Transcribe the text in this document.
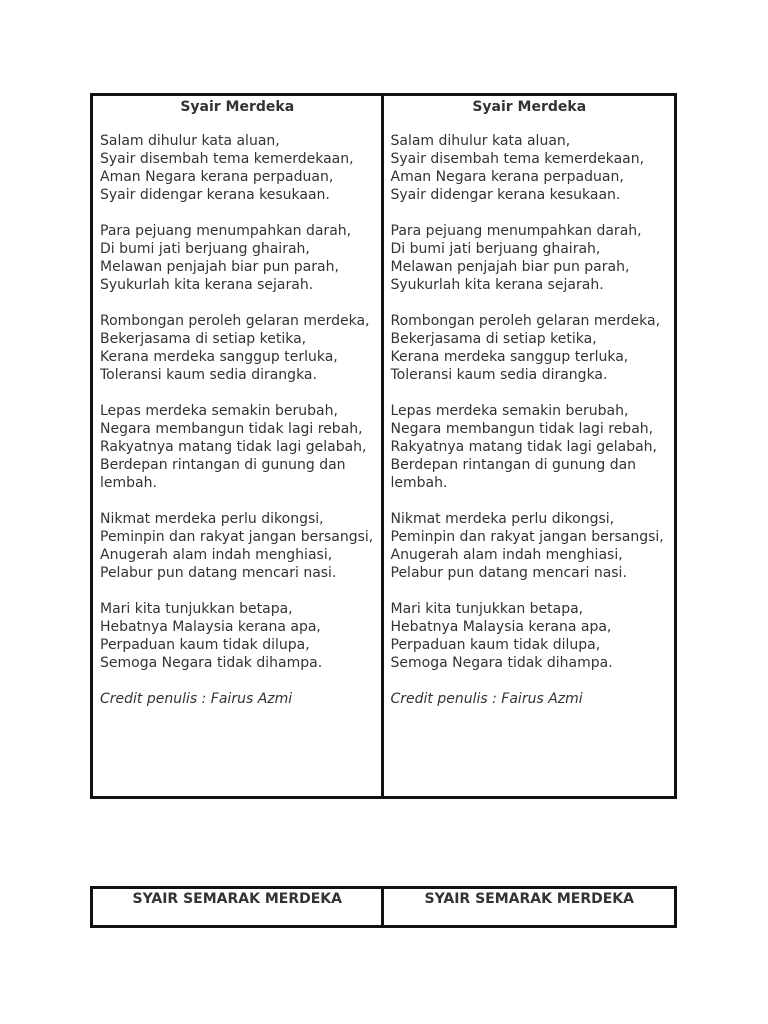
Syair Merdeka
Salam dihulur kata aluan,
Syair disembah tema kemerdekaan,
Aman Negara kerana perpaduan,
Syair didengar kerana kesukaan.
Para pejuang menumpahkan darah,
Di bumi jati berjuang ghairah,
Melawan penjajah biar pun parah,
Syukurlah kita kerana sejarah.
Rombongan peroleh gelaran merdeka,
Bekerjasama di setiap ketika,
Kerana merdeka sanggup terluka,
Toleransi kaum sedia dirangka.
Lepas merdeka semakin berubah,
Negara membangun tidak lagi rebah,
Rakyatnya matang tidak lagi gelabah,
Berdepan rintangan di gunung dan lembah.
Nikmat merdeka perlu dikongsi,
Peminpin dan rakyat jangan bersangsi,
Anugerah alam indah menghiasi,
Pelabur pun datang mencari nasi.
Mari kita tunjukkan betapa,
Hebatnya Malaysia kerana apa,
Perpaduan kaum tidak dilupa,
Semoga Negara tidak dihampa.
Credit penulis : Fairus Azmi
Syair Merdeka
Salam dihulur kata aluan,
Syair disembah tema kemerdekaan,
Aman Negara kerana perpaduan,
Syair didengar kerana kesukaan.
Para pejuang menumpahkan darah,
Di bumi jati berjuang ghairah,
Melawan penjajah biar pun parah,
Syukurlah kita kerana sejarah.
Rombongan peroleh gelaran merdeka,
Bekerjasama di setiap ketika,
Kerana merdeka sanggup terluka,
Toleransi kaum sedia dirangka.
Lepas merdeka semakin berubah,
Negara membangun tidak lagi rebah,
Rakyatnya matang tidak lagi gelabah,
Berdepan rintangan di gunung dan lembah.
Nikmat merdeka perlu dikongsi,
Peminpin dan rakyat jangan bersangsi,
Anugerah alam indah menghiasi,
Pelabur pun datang mencari nasi.
Mari kita tunjukkan betapa,
Hebatnya Malaysia kerana apa,
Perpaduan kaum tidak dilupa,
Semoga Negara tidak dihampa.
Credit penulis : Fairus Azmi
SYAIR SEMARAK MERDEKA	SYAIR SEMARAK MERDEKA
